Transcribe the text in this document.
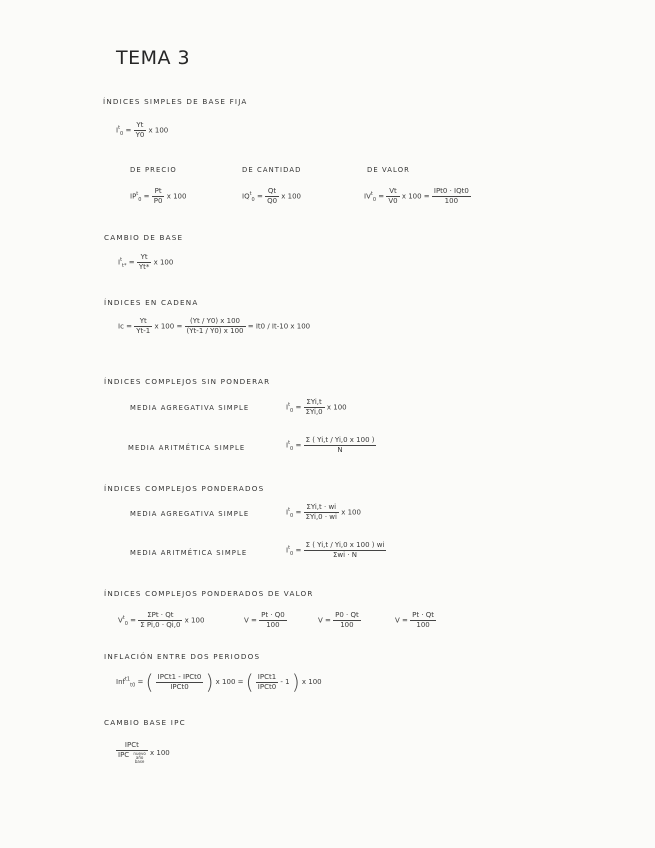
TEMA 3
ÍNDICES SIMPLES DE BASE FIJA
$I^t_0 = \frac{Yt}{Y0}$ x 100
DE PRECIO	DE CANTIDAD	DE VALOR
$IP^t_0 = \frac{Pt}{P0}$ x 100	$IQ^t_0 = \frac{Qt}{Q0}$ x 100	$IV^t_0 = \frac{Vt}{V0}$ x $100 = \frac{\text{IPt0 · IQt0}}{100}$
CAMBIO DE BASE
$I^t_{t*} = \frac{Yt}{Yt*}$ x 100
ÍNDICES EN CADENA
$Ic = \frac{Yt}{Yt-1}$ x $100 = \frac{(Yt / Y0) x 100}{(Yt-1 / Y0) x 100} = It0 / It-10$ x 100
ÍNDICES COMPLEJOS SIN PONDERAR
MEDIA AGREGATIVA SIMPLE	$I^t_0 = \frac{\text{ΣYi,t}}{\text{ΣYi,0}}$ x 100
MEDIA ARITMÉTICA SIMPLE	$I^t_0 = \frac{\Sigma ( Yi,t / Yi,0 x 100 )}{N}$
ÍNDICES COMPLEJOS PONDERADOS
MEDIA AGREGATIVA SIMPLE	$I^t_0 = \frac{\text{ΣYi,t · wi}}{\text{ΣYi,0 · wi}}$ x 100
MEDIA ARITMÉTICA SIMPLE	$I^t_0 = \frac{\Sigma ( Yi,t / Yi,0 x 100 ) wi}{\text{Σwi · N}}$
ÍNDICES COMPLEJOS PONDERADOS DE VALOR
$V^t_0 = \frac{\text{ΣPt · Qt}}{\text{Σ Pi,0 · Qi,0}}$ x 100	$V = \frac{Pt \cdot Q0}{100}$	$V = \frac{P0 \cdot Qt}{100}$	$V = \frac{Pt \cdot Qt}{100}$
INFLACIÓN ENTRE DOS PERIODOS
Inf$^{t1}_{t0}$ = ( $\frac{\text{IPCt1 - IPCt0}}{\text{IPCt0}}$ ) x 100 = ( $\frac{\text{IPCt1}}{\text{IPCt0}} - 1$ ) x 100
CAMBIO BASE IPC
IPCt
IPC nuevo
año
base x 100
